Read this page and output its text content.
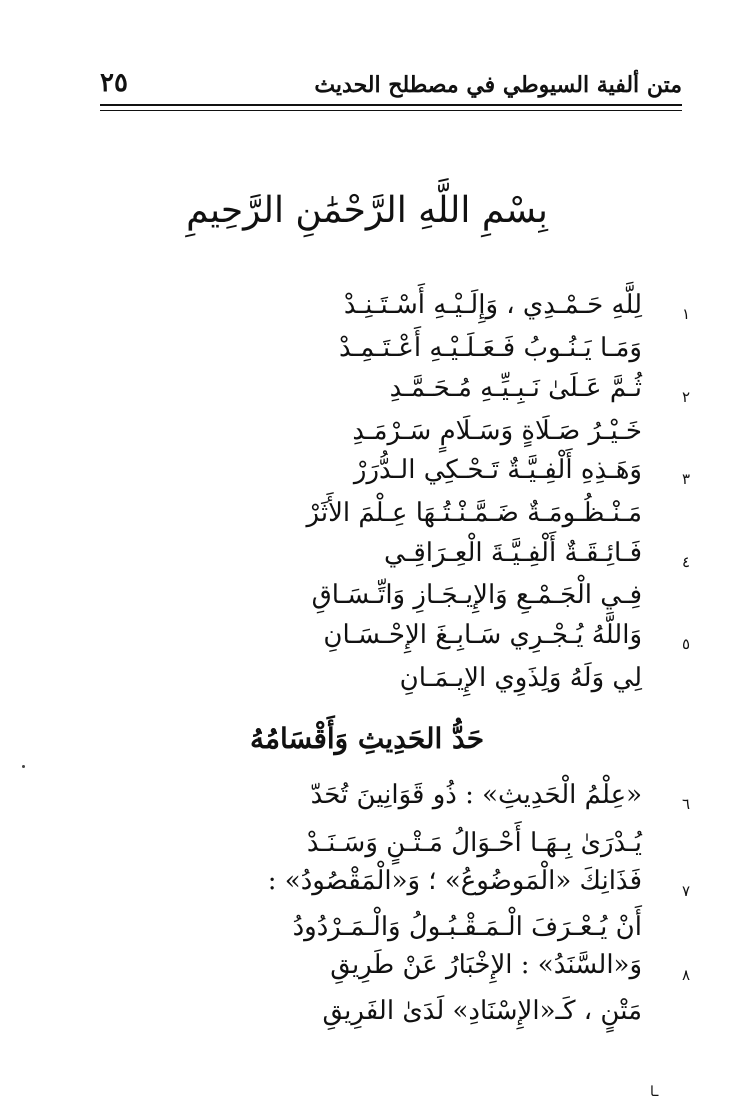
متن ألفية السيوطي في مصطلح الحديث
٢٥
بِسْمِ اللَّهِ الرَّحْمَٰنِ الرَّحِيمِ
١
لِلَّهِ حَـمْـدِي ، وَإِلَـيْـهِ أَسْـتَـنِـدْ
وَمَـا يَـنُـوبُ فَـعَـلَـيْـهِ أَعْـتَـمِـدْ
٢
ثُـمَّ عَـلَىٰ نَـبِـيِّـهِ مُـحَـمَّـدِ
خَـيْـرُ صَـلَاةٍ وَسَـلَامٍ سَـرْمَـدِ
٣
وَهَـذِهِ أَلْفِـيَّـةٌ تَـحْـكِي الـدُّرَرْ
مَـنْـظُـومَـةٌ ضَـمَّـنْـتُـهَا عِـلْمَ الأَثَرْ
٤
فَـائِـقَـةٌ أَلْفِـيَّـةَ الْعِـرَاقِـي
فِـي الْجَـمْـعِ وَالإِيـجَـازِ وَاتِّـسَـاقِ
٥
وَاللَّهُ يُـجْـرِي سَـابِـغَ الإِحْـسَـانِ
لِي وَلَهُ وَلِذَوِي الإِيـمَـانِ
حَدُّ الحَدِيثِ وَأَقْسَامُهُ
٦
«عِلْمُ الْحَدِيثِ» : ذُو قَوَانِينَ تُحَدّ
يُـدْرَىٰ بِـهَـا أَحْـوَالُ مَـتْـنٍ وَسَـنَـدْ
٧
فَذَانِكَ «الْمَوضُوعُ» ؛ وَ«الْمَقْصُودُ» :
أَنْ يُـعْـرَفَ الْـمَـقْـبُـولُ وَالْـمَـرْدُودُ
٨
وَ«السَّنَدُ» : الإِخْبَارُ عَنْ طَرِيقِ
مَتْنٍ ، كَـ«الإِسْنَادِ» لَدَىٰ الفَرِيقِ
ـا
